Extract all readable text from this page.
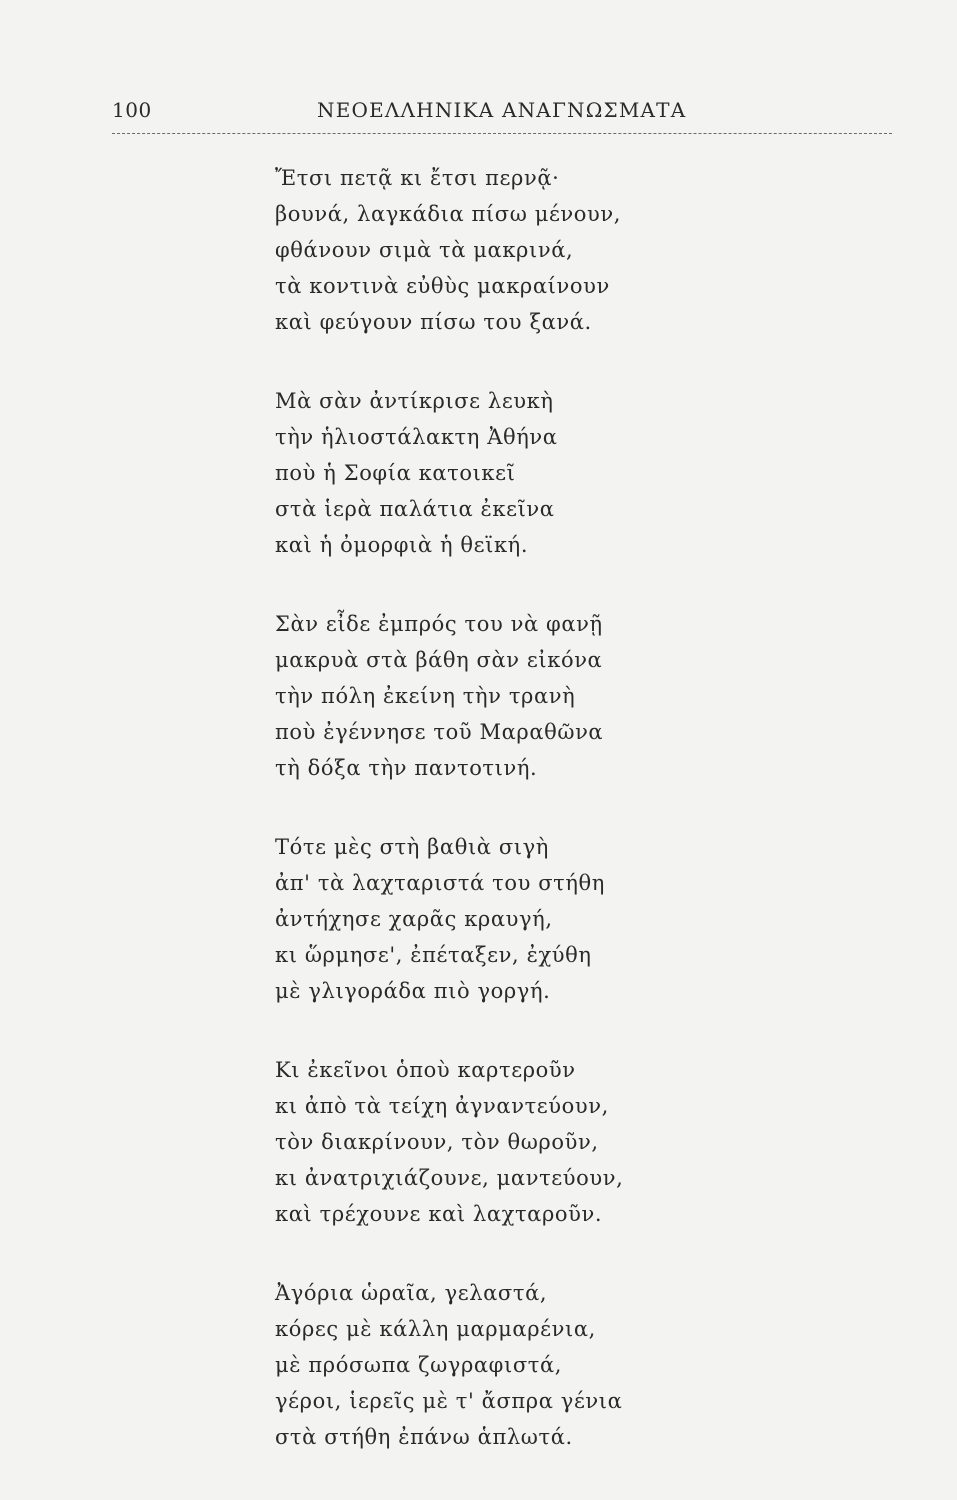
100	ΝΕΟΕΛΛΗΝΙΚΑ ΑΝΑΓΝΩΣΜΑΤΑ
Ἔτσι πετᾷ κι ἔτσι περνᾷ·
βουνά, λαγκάδια πίσω μένουν,
φθάνουν σιμὰ τὰ μακρινά,
τὰ κοντινὰ εὐθὺς μακραίνουν
καὶ φεύγουν πίσω του ξανά.
Μὰ σὰν ἀντίκρισε λευκὴ
τὴν ἡλιοστάλακτη Ἀθήνα
ποὺ ἡ Σοφία κατοικεῖ
στὰ ἱερὰ παλάτια ἐκεῖνα
καὶ ἡ ὀμορφιὰ ἡ θεϊκή.
Σὰν εἶδε ἐμπρός του νὰ φανῇ
μακρυὰ στὰ βάθη σὰν εἰκόνα
τὴν πόλη ἐκείνη τὴν τρανὴ
ποὺ ἐγέννησε τοῦ Μαραθῶνα
τὴ δόξα τὴν παντοτινή.
Τότε μὲς στὴ βαθιὰ σιγὴ
ἀπ' τὰ λαχταριστά του στήθη
ἀντήχησε χαρᾶς κραυγή,
κι ὥρμησε', ἐπέταξεν, ἐχύθη
μὲ γλιγοράδα πιὸ γοργή.
Κι ἐκεῖνοι ὁποὺ καρτεροῦν
κι ἀπὸ τὰ τείχη ἀγναντεύουν,
τὸν διακρίνουν, τὸν θωροῦν,
κι ἀνατριχιάζουνε, μαντεύουν,
καὶ τρέχουνε καὶ λαχταροῦν.
Ἀγόρια ὡραῖα, γελαστά,
κόρες μὲ κάλλη μαρμαρένια,
μὲ πρόσωπα ζωγραφιστά,
γέροι, ἱερεῖς μὲ τ' ἄσπρα γένια
στὰ στήθη ἐπάνω ἁπλωτά.
